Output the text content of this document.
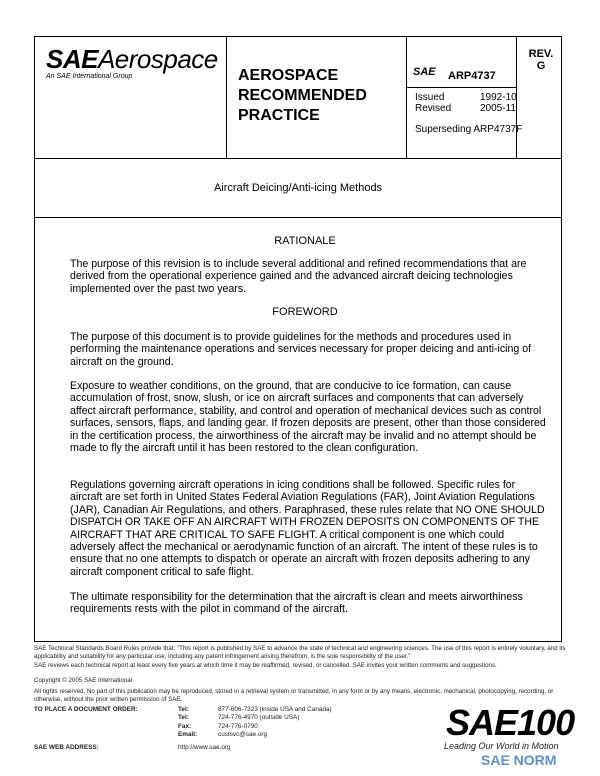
SAEAerospace
An SAE International Group	AEROSPACE
RECOMMENDED
PRACTICE
SAE ARP4737
Issued	1992-10
Revised	2005-11
Superseding ARP4737F
REV.
G
Aircraft Deicing/Anti-icing Methods
RATIONALE
The purpose of this revision is to include several additional and refined recommendations that are derived from the operational experience gained and the advanced aircraft deicing technologies implemented over the past two years.
FOREWORD
The purpose of this document is to provide guidelines for the methods and procedures used in performing the maintenance operations and services necessary for proper deicing and anti-icing of aircraft on the ground.
Exposure to weather conditions, on the ground, that are conducive to ice formation, can cause accumulation of frost, snow, slush, or ice on aircraft surfaces and components that can adversely affect aircraft performance, stability, and control and operation of mechanical devices such as control surfaces, sensors, flaps, and landing gear. If frozen deposits are present, other than those considered in the certification process, the airworthiness of the aircraft may be invalid and no attempt should be made to fly the aircraft until it has been restored to the clean configuration.
Regulations governing aircraft operations in icing conditions shall be followed. Specific rules for aircraft are set forth in United States Federal Aviation Regulations (FAR), Joint Aviation Regulations (JAR), Canadian Air Regulations, and others. Paraphrased, these rules relate that NO ONE SHOULD DISPATCH OR TAKE OFF AN AIRCRAFT WITH FROZEN DEPOSITS ON COMPONENTS OF THE AIRCRAFT THAT ARE CRITICAL TO SAFE FLIGHT. A critical component is one which could adversely affect the mechanical or aerodynamic function of an aircraft. The intent of these rules is to ensure that no one attempts to dispatch or operate an aircraft with frozen deposits adhering to any aircraft component critical to safe flight.
The ultimate responsibility for the determination that the aircraft is clean and meets airworthiness requirements rests with the pilot in command of the aircraft.
SAE Technical Standards Board Rules provide that: "This report is published by SAE to advance the state of technical and engineering sciences. The use of this report is entirely voluntary, and its applicability and suitability for any particular use, including any patent infringement arising therefrom, is the sole responsibility of the user."
SAE reviews each technical report at least every five years at which time it may be reaffirmed, revised, or cancelled. SAE invites your written comments and suggestions.
Copyright © 2005 SAE International
All rights reserved. No part of this publication may be reproduced, stored in a retrieval system or transmitted, in any form or by any means, electronic, mechanical, photocopying, recording, or otherwise, without the prior written permission of SAE.
TO PLACE A DOCUMENT ORDER:	Tel:	877-606-7323 (inside USA and Canada)
Tel:	724-776-4970 (outside USA)
Fax:	724-776-0790
Email:	custsvc@sae.org
SAE WEB ADDRESS:	http://www.sae.org
SAE100
Leading Our World in Motion
SAE NORM
